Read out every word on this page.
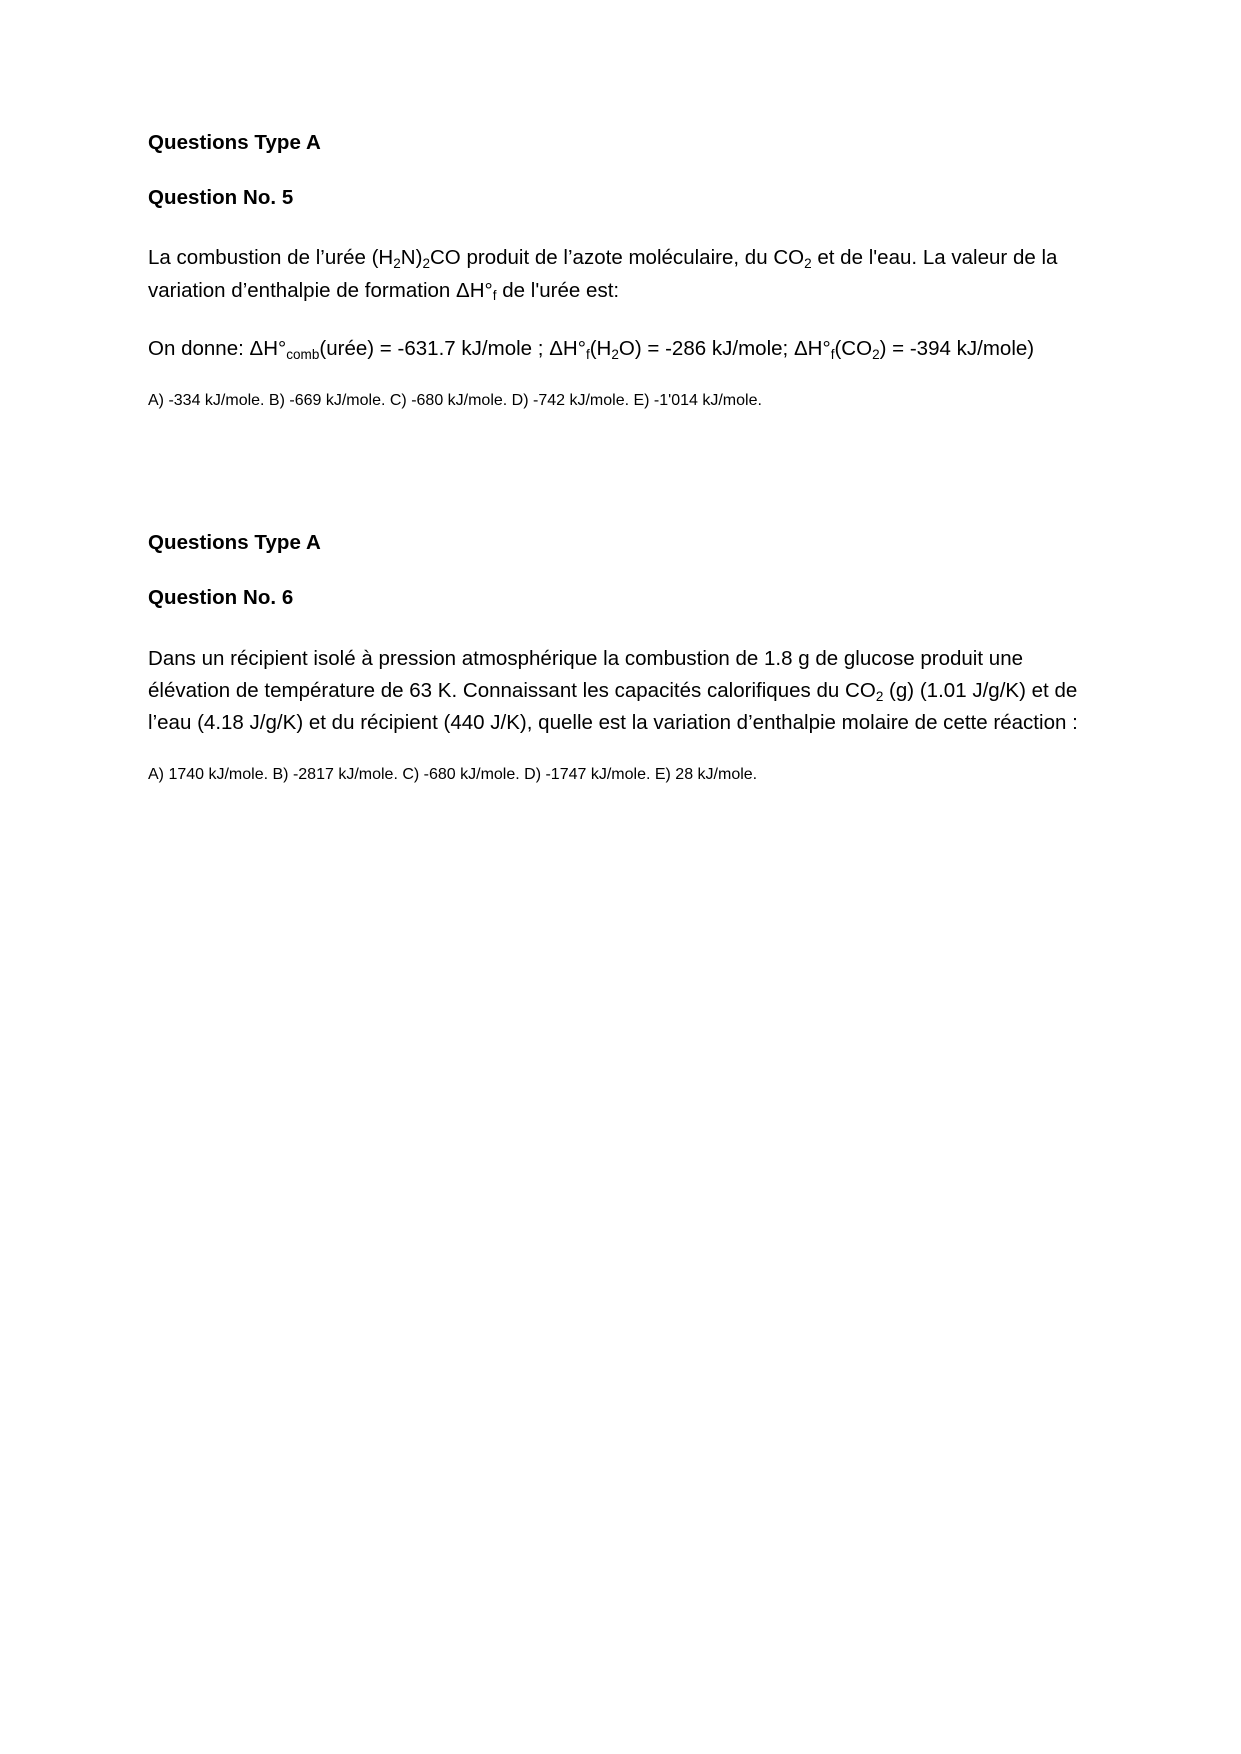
Questions Type A
Question No. 5

La combustion de l’urée $(H_2N)_2CO$ produit de l’azote moléculaire, du $CO_2$ et de l'eau. La valeur de la variation d’enthalpie de formation $\Delta H^\circ_f$ de l'urée est:

On donne: $\Delta H^\circ_{comb}(urée) = -631.7$ kJ/mole ; $\Delta H^\circ_f(H_2O) = -286$ kJ/mole; $\Delta H^\circ_f(CO_2) = -394$ kJ/mole)

A) -334 kJ/mole. B) -669 kJ/mole. C) -680 kJ/mole. D) -742 kJ/mole. E) -1'014 kJ/mole.
Questions Type A
Question No. 6

Dans un récipient isolé à pression atmosphérique la combustion de 1.8 g de glucose produit une élévation de température de 63 K. Connaissant les capacités calorifiques du $CO_2$ (g) (1.01 J/g/K) et de l’eau (4.18 J/g/K) et du récipient (440 J/K), quelle est la variation d’enthalpie molaire de cette réaction :

A) 1740 kJ/mole. B) -2817 kJ/mole. C) -680 kJ/mole. D) -1747 kJ/mole. E) 28 kJ/mole.
